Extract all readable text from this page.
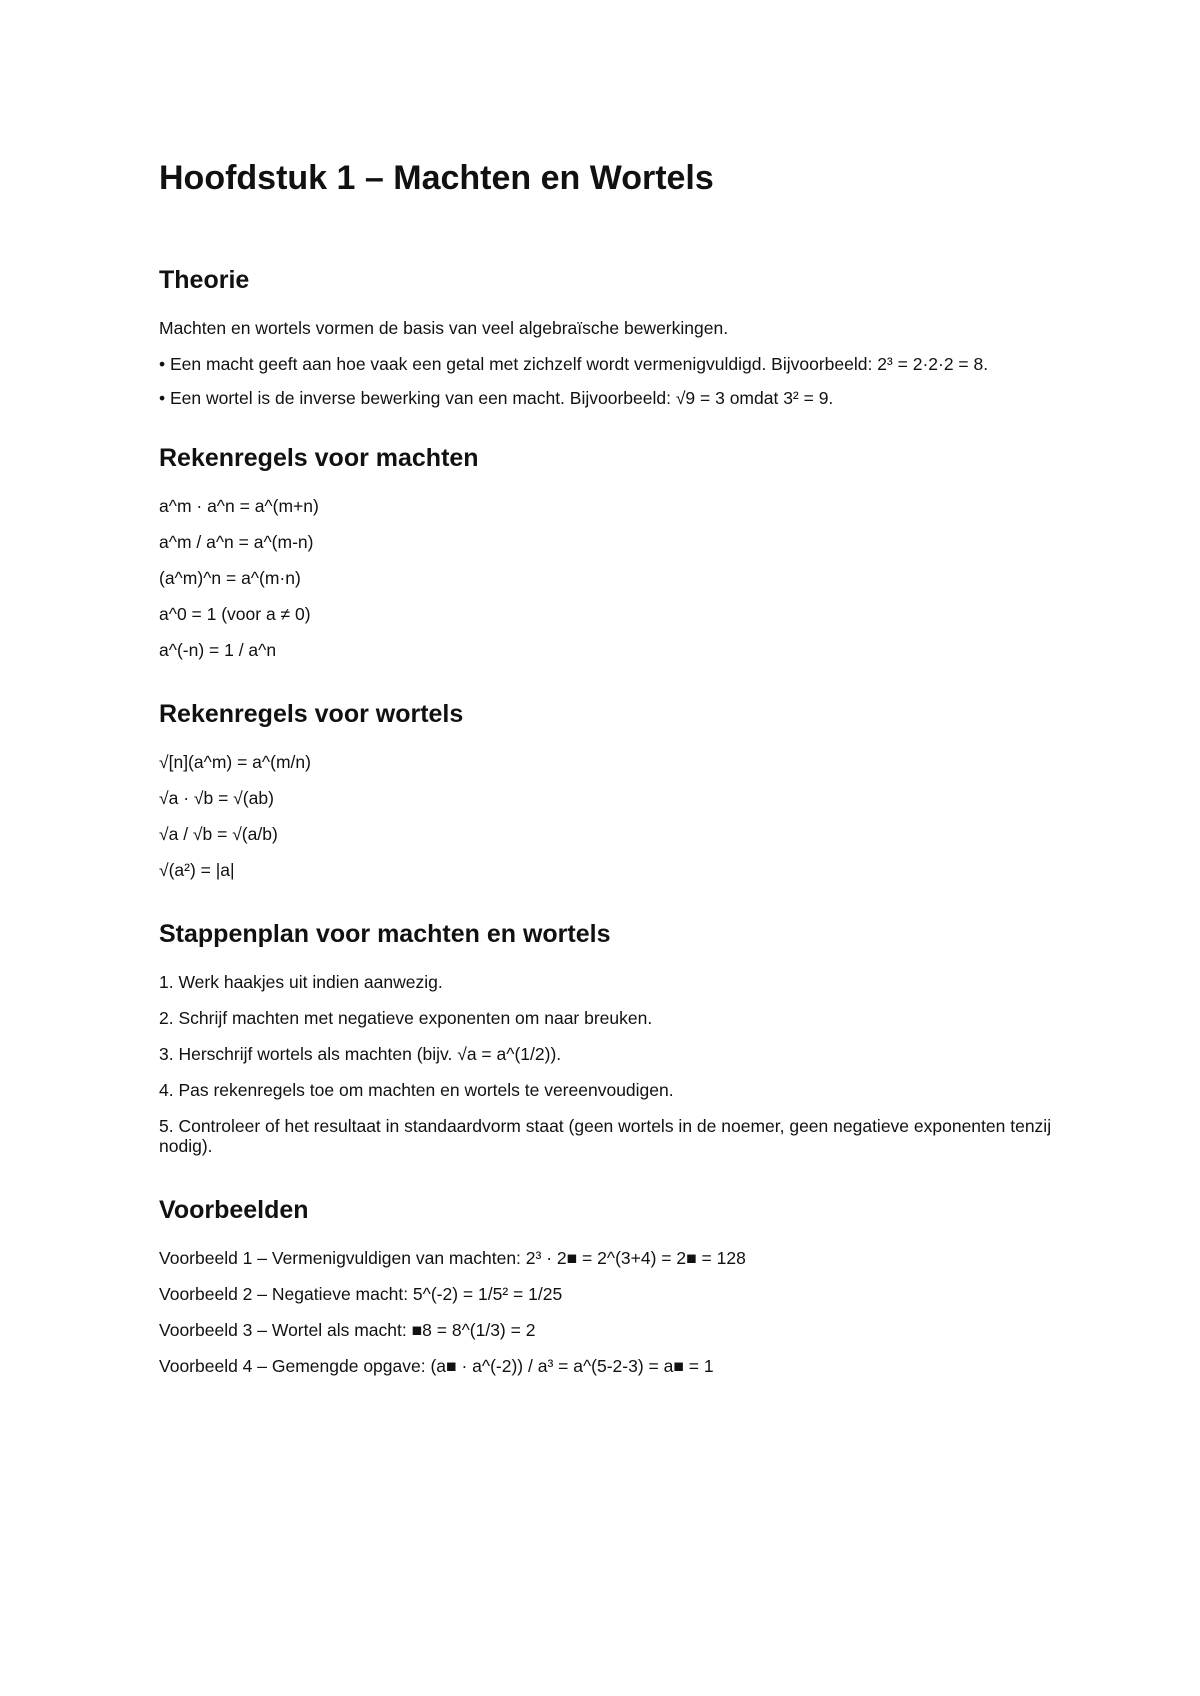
Hoofdstuk 1 – Machten en Wortels
Theorie

Machten en wortels vormen de basis van veel algebraïsche bewerkingen.

• Een macht geeft aan hoe vaak een getal met zichzelf wordt vermenigvuldigd. Bijvoorbeeld: 2³ = 2·2·2 = 8.

• Een wortel is de inverse bewerking van een macht. Bijvoorbeeld: √9 = 3 omdat 3² = 9.

Rekenregels voor machten

a^m · a^n = a^(m+n)

a^m / a^n = a^(m-n)

(a^m)^n = a^(m·n)

a^0 = 1 (voor a ≠ 0)

a^(-n) = 1 / a^n

Rekenregels voor wortels

√[n](a^m) = a^(m/n)

√a · √b = √(ab)

√a / √b = √(a/b)

√(a²) = |a|

Stappenplan voor machten en wortels

1. Werk haakjes uit indien aanwezig.

2. Schrijf machten met negatieve exponenten om naar breuken.

3. Herschrijf wortels als machten (bijv. √a = a^(1/2)).

4. Pas rekenregels toe om machten en wortels te vereenvoudigen.

5. Controleer of het resultaat in standaardvorm staat (geen wortels in de noemer, geen negatieve exponenten tenzij nodig).

Voorbeelden

Voorbeeld 1 – Vermenigvuldigen van machten: 2³ · 2■ = 2^(3+4) = 2■ = 128

Voorbeeld 2 – Negatieve macht: 5^(-2) = 1/5² = 1/25

Voorbeeld 3 – Wortel als macht: ■8 = 8^(1/3) = 2

Voorbeeld 4 – Gemengde opgave: (a■ · a^(-2)) / a³ = a^(5-2-3) = a■ = 1
